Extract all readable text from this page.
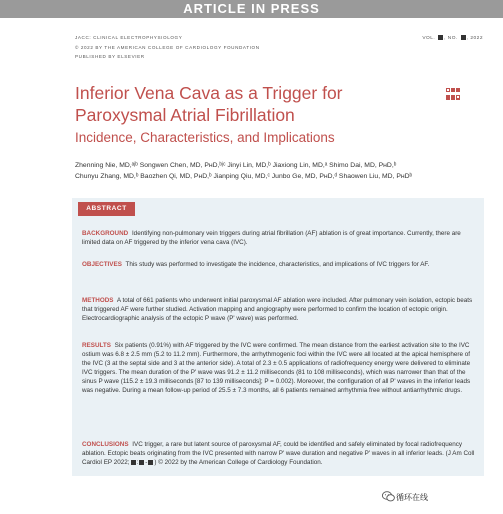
ARTICLE IN PRESS
JACC: CLINICAL ELECTROPHYSIOLOGY
© 2022 BY THE AMERICAN COLLEGE OF CARDIOLOGY FOUNDATION
PUBLISHED BY ELSEVIER
VOL. , NO. , 2022
Inferior Vena Cava as a Trigger for Paroxysmal Atrial Fibrillation
Incidence, Characteristics, and Implications
Zhenning Nie, MD,ᵃʲᵇ Songwen Chen, MD, PʜD,ᵇʲᶜ Jinyi Lin, MD,ᵇ Jiaxiong Lin, MD,ᵃ Shimo Dai, MD, PʜD,ᵇ
Chunyu Zhang, MD,ᵇ Baozhen Qi, MD, PʜD,ᵇ Jianping Qiu, MD,ᶜ Junbo Ge, MD, PʜD,ᵈ Shaowen Liu, MD, PʜDᵇ
ABSTRACT

BACKGROUND Identifying non-pulmonary vein triggers during atrial fibrillation (AF) ablation is of great importance. Currently, there are limited data on AF triggered by the inferior vena cava (IVC).

OBJECTIVES This study was performed to investigate the incidence, characteristics, and implications of IVC triggers for AF.

METHODS A total of 661 patients who underwent initial paroxysmal AF ablation were included. After pulmonary vein isolation, ectopic beats that triggered AF were further studied. Activation mapping and angiography were performed to confirm the location of ectopic origin. Electrocardiographic analysis of the ectopic P wave (P' wave) was performed.

RESULTS Six patients (0.91%) with AF triggered by the IVC were confirmed. The mean distance from the earliest activation site to the IVC ostium was 6.8 ± 2.5 mm (5.2 to 11.2 mm). Furthermore, the arrhythmogenic foci within the IVC were all located at the apical hemisphere of the IVC (3 at the septal side and 3 at the anterior side). A total of 2.3 ± 0.5 applications of radiofrequency energy were delivered to eliminate IVC triggers. The mean duration of the P' wave was 91.2 ± 11.2 milliseconds (81 to 108 milliseconds), which was narrower than that of the sinus P wave (115.2 ± 19.3 milliseconds [87 to 139 milliseconds]; P = 0.002). Moreover, the configuration of all P' waves in the inferior leads was negative. During a mean follow-up period of 25.5 ± 7.3 months, all 6 patients remained arrhythmia free without antiarrhythmic drugs.

CONCLUSIONS IVC trigger, a rare but latent source of paroxysmal AF, could be identified and safely eliminated by focal radiofrequency ablation. Ectopic beats originating from the IVC presented with narrow P' wave duration and negative P' waves in all inferior leads. (J Am Coll Cardiol EP 2022; : - ) © 2022 by the American College of Cardiology Foundation.

循环在线
